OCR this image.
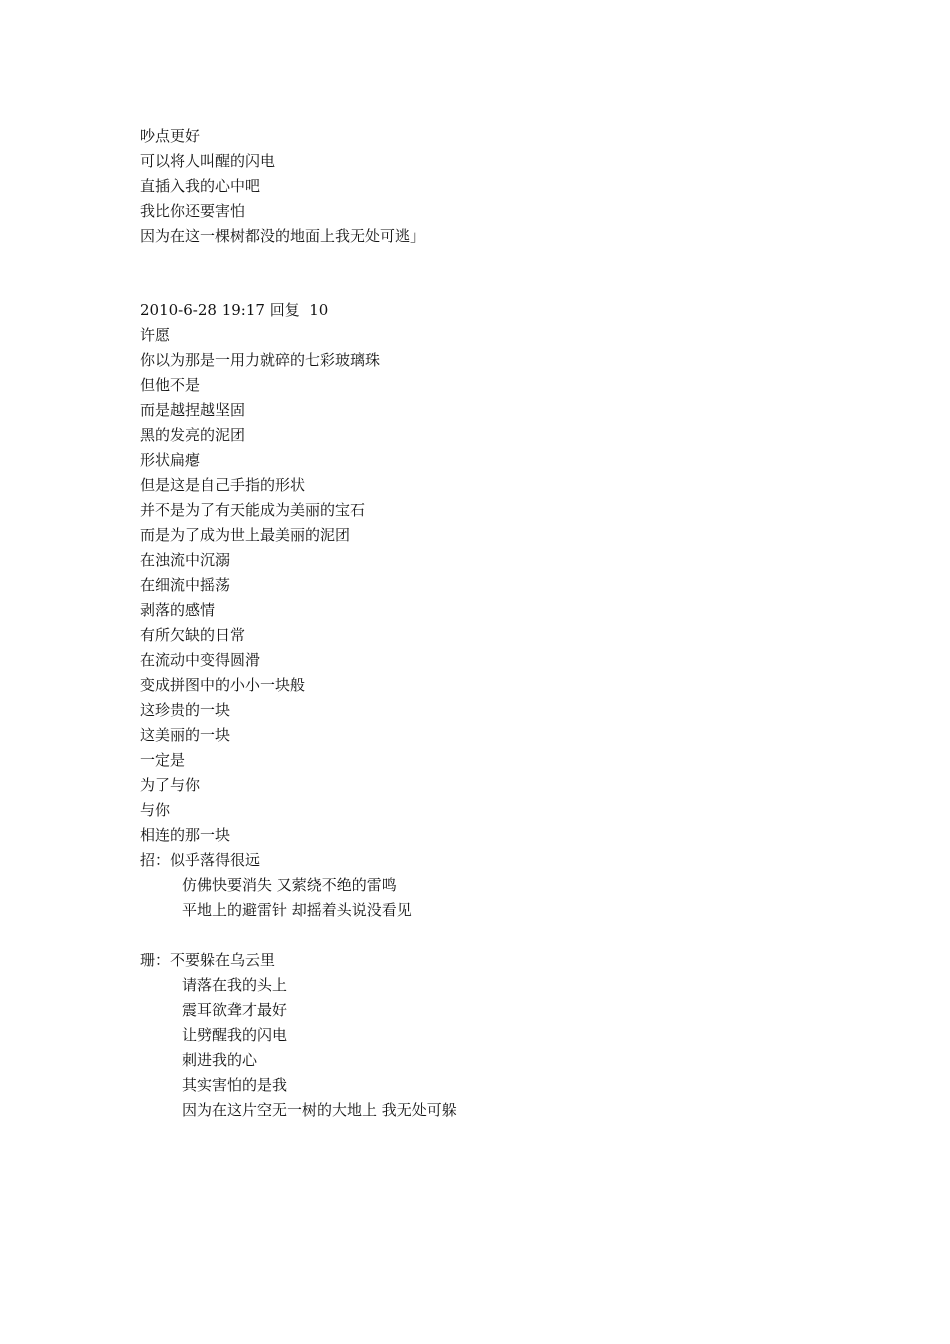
吵点更好
可以将人叫醒的闪电
直插入我的心中吧
我比你还要害怕
因为在这一棵树都没的地面上我无处可逃」
2010-6-28 19:17 回复  10
许愿
你以为那是一用力就碎的七彩玻璃珠
但他不是
而是越捏越坚固
黑的发亮的泥团
形状扁瘪
但是这是自己手指的形状
并不是为了有天能成为美丽的宝石
而是为了成为世上最美丽的泥团
在浊流中沉溺
在细流中摇荡
剥落的感情
有所欠缺的日常
在流动中变得圆滑
变成拼图中的小小一块般
这珍贵的一块
这美丽的一块
一定是
为了与你
与你
相连的那一块
招：似乎落得很远
仿佛快要消失 又萦绕不绝的雷鸣
平地上的避雷针 却摇着头说没看见
珊：不要躲在乌云里
请落在我的头上
震耳欲聋才最好
让劈醒我的闪电
刺进我的心
其实害怕的是我
因为在这片空无一树的大地上 我无处可躲
